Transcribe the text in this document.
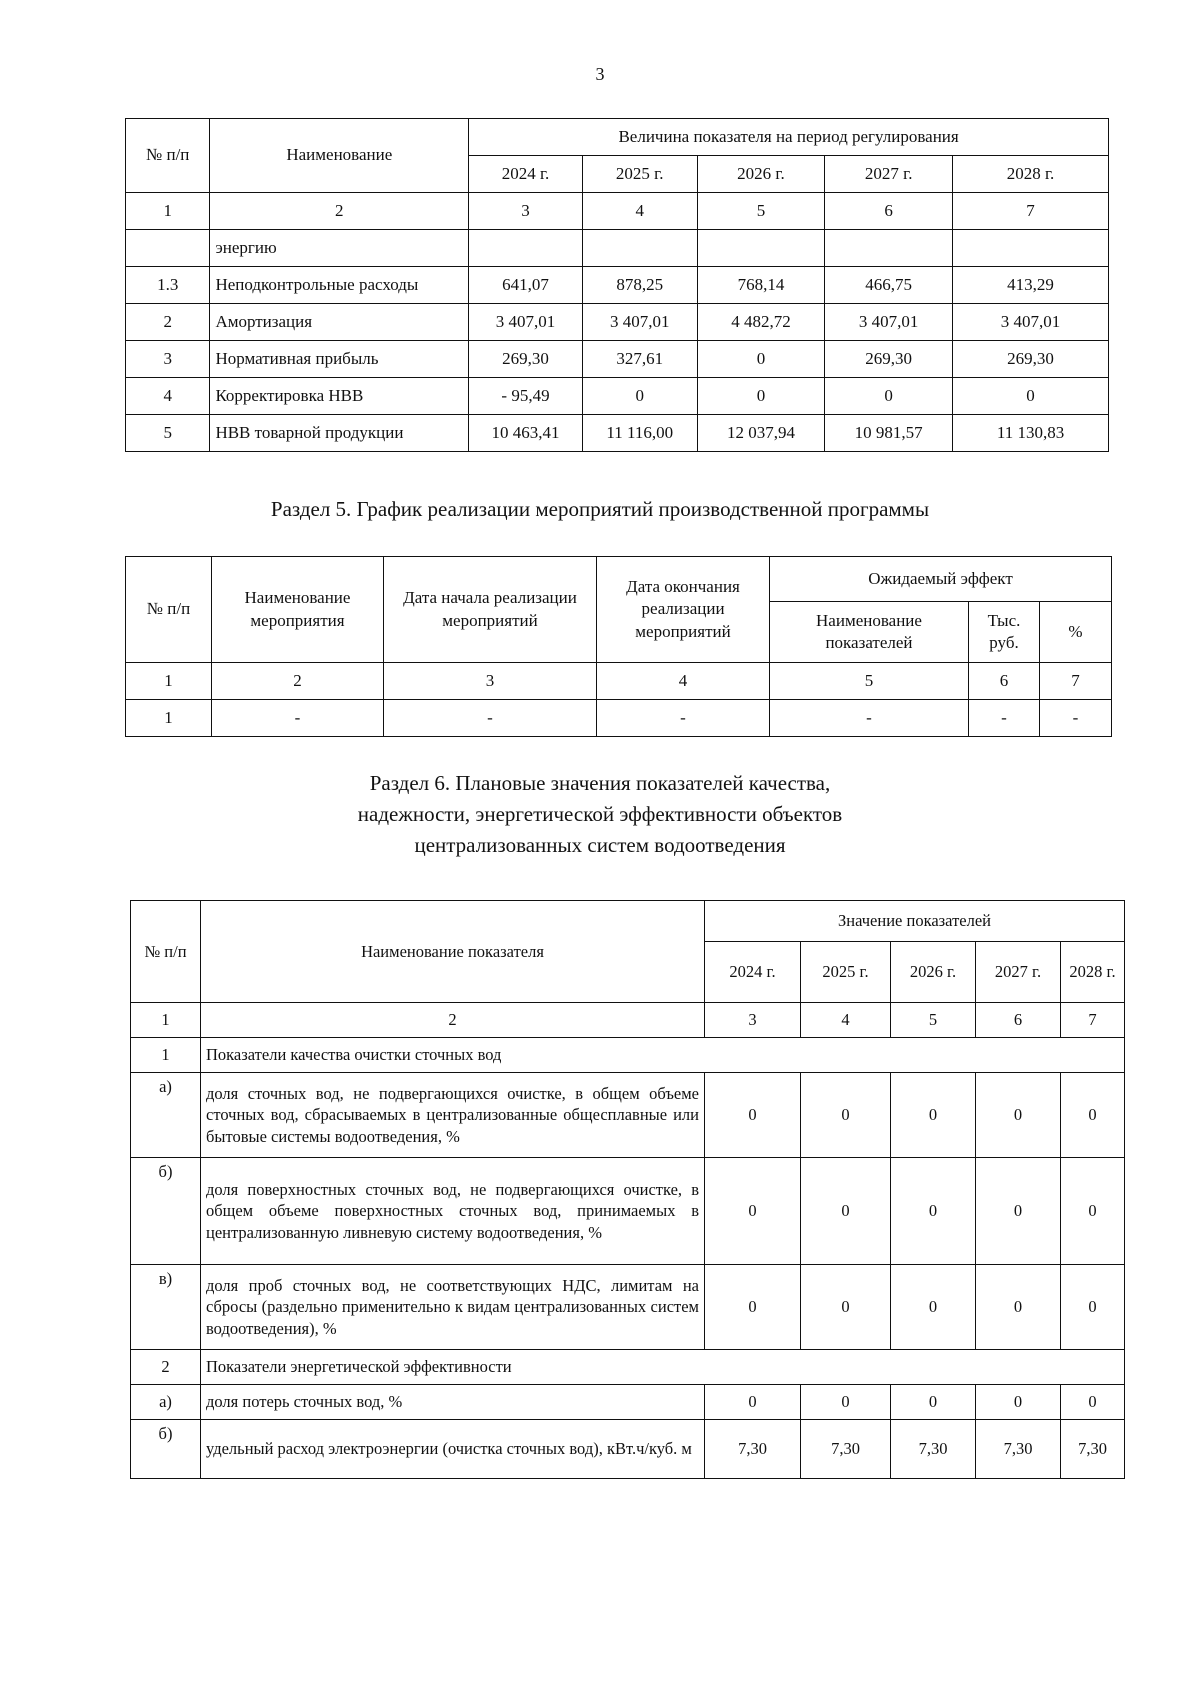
3
№ п/п	Наименование	Величина показателя на период регулирования				
		2024 г.	2025 г.	2026 г.	2027 г.	2028 г.
1	2	3	4	5	6	7
	энергию					
1.3	Неподконтрольные расходы	641,07	878,25	768,14	466,75	413,29
2	Амортизация	3 407,01	3 407,01	4 482,72	3 407,01	3 407,01
3	Нормативная прибыль	269,30	327,61	0	269,30	269,30
4	Корректировка НВВ	- 95,49	0	0	0	0
5	НВВ товарной продукции	10 463,41	11 116,00	12 037,94	10 981,57	11 130,83
Раздел 5. График реализации мероприятий производственной программы
№ п/п	Наименование мероприятия	Дата начала реализации мероприятий	Дата окончания реализации мероприятий	Ожидаемый эффект		
				Наименование показателей	Тыс. руб.	%
1	2	3	4	5	6	7
1	-	-	-	-	-	-
Раздел 6. Плановые значения показателей качества,
надежности, энергетической эффективности объектов
централизованных систем водоотведения
№ п/п	Наименование показателя	Значение показателей				
		2024 г.	2025 г.	2026 г.	2027 г.	2028 г.
1	2	3	4	5	6	7
1	Показатели качества очистки сточных вод					
а)	доля сточных вод, не подвергающихся очистке, в общем объеме сточных вод, сбрасываемых в централизованные общесплавные или бытовые системы водоотведения, %	0	0	0	0	0
б)	доля поверхностных сточных вод, не подвергающихся очистке, в общем объеме поверхностных сточных вод, принимаемых в централизованную ливневую систему водоотведения, %	0	0	0	0	0
в)	доля проб сточных вод, не соответствующих НДС, лимитам на сбросы (раздельно применительно к видам централизованных систем водоотведения), %	0	0	0	0	0
2	Показатели энергетической эффективности					
а)	доля потерь сточных вод, %	0	0	0	0	0
б)	удельный расход электроэнергии (очистка сточных вод), кВт.ч/куб. м	7,30	7,30	7,30	7,30	7,30
